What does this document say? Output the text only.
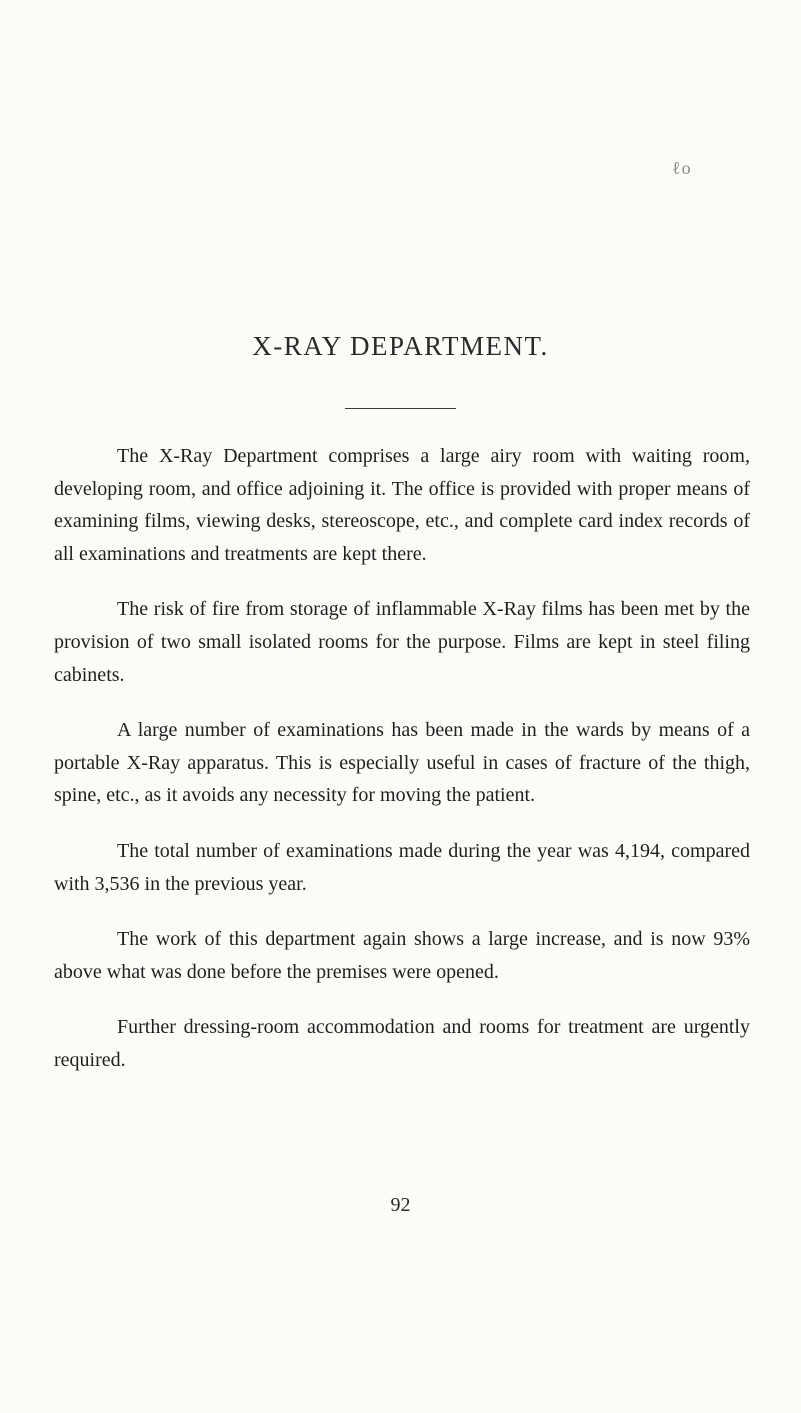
ℓo
X-RAY DEPARTMENT.

The X-Ray Department comprises a large airy room with waiting room, developing room, and office adjoining it. The office is provided with proper means of examining films, viewing desks, stereoscope, etc., and complete card index records of all examinations and treatments are kept there.

The risk of fire from storage of inflammable X-Ray films has been met by the provision of two small isolated rooms for the purpose. Films are kept in steel filing cabinets.

A large number of examinations has been made in the wards by means of a portable X-Ray apparatus. This is especially useful in cases of fracture of the thigh, spine, etc., as it avoids any necessity for moving the patient.

The total number of examinations made during the year was 4,194, compared with 3,536 in the previous year.

The work of this department again shows a large increase, and is now 93% above what was done before the premises were opened.

Further dressing-room accommodation and rooms for treatment are urgently required.

92
